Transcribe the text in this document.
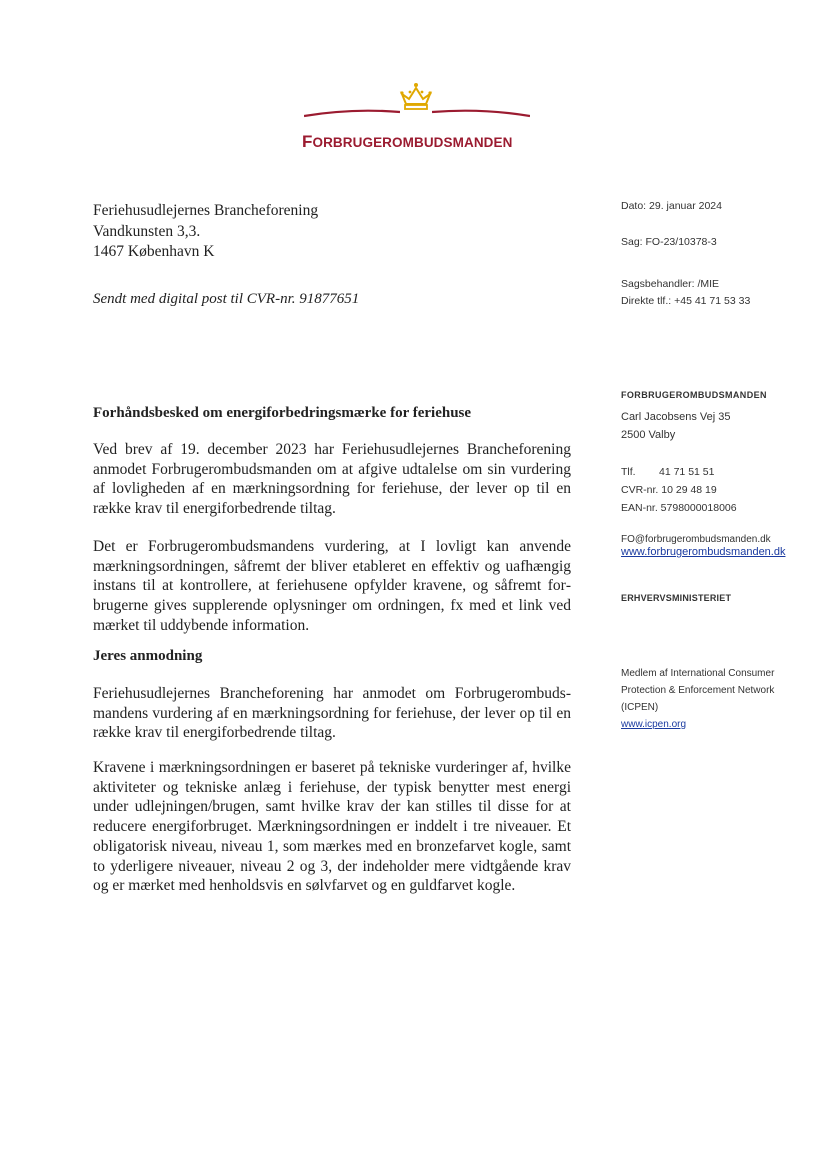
FORBRUGEROMBUDSMANDEN
Feriehusudlejernes Brancheforening
Vandkunsten 3,3.
1467 København K
Sendt med digital post til CVR-nr. 91877651
Dato: 29. januar 2024
Sag: FO-23/10378-3
Sagsbehandler: /MIE
Direkte tlf.: +45 41 71 53 33
FORBRUGEROMBUDSMANDEN
Carl Jacobsens Vej 35
2500 Valby
Tlf. 41 71 51 51
CVR-nr. 10 29 48 19
EAN-nr. 5798000018006
FO@forbrugerombudsmanden.dk
www.forbrugerombudsmanden.dk
ERHVERVSMINISTERIET
Medlem af International Consumer
Protection & Enforcement Network
(ICPEN)
www.icpen.org
Forhåndsbesked om energiforbedringsmærke for feriehuse
Ved brev af 19. december 2023 har Feriehusudlejernes Brancheforening anmodet Forbrugerombudsmanden om at afgive udtalelse om sin vurdering af lovligheden af en mærkningsordning for feriehuse, der lever op til en række krav til energiforbedrende tiltag.
Det er Forbrugerombudsmandens vurdering, at I lovligt kan anvende mærkningsordningen, såfremt der bliver etableret en effektiv og uafhængig instans til at kontrollere, at feriehusene opfylder kravene, og såfremt forbrugerne gives supplerende oplysninger om ordningen, fx med et link ved mærket til uddybende information.
Jeres anmodning
Feriehusudlejernes Brancheforening har anmodet om Forbrugerombudsmandens vurdering af en mærkningsordning for feriehuse, der lever op til en række krav til energiforbedrende tiltag.
Kravene i mærkningsordningen er baseret på tekniske vurderinger af, hvilke aktiviteter og tekniske anlæg i feriehuse, der typisk benytter mest energi under udlejningen/brugen, samt hvilke krav der kan stilles til disse for at reducere energiforbruget. Mærkningsordningen er inddelt i tre niveauer. Et obligatorisk niveau, niveau 1, som mærkes med en bronzefarvet kogle, samt to yderligere niveauer, niveau 2 og 3, der indeholder mere vidtgående krav og er mærket med henholdsvis en sølvfarvet og en guldfarvet kogle.
